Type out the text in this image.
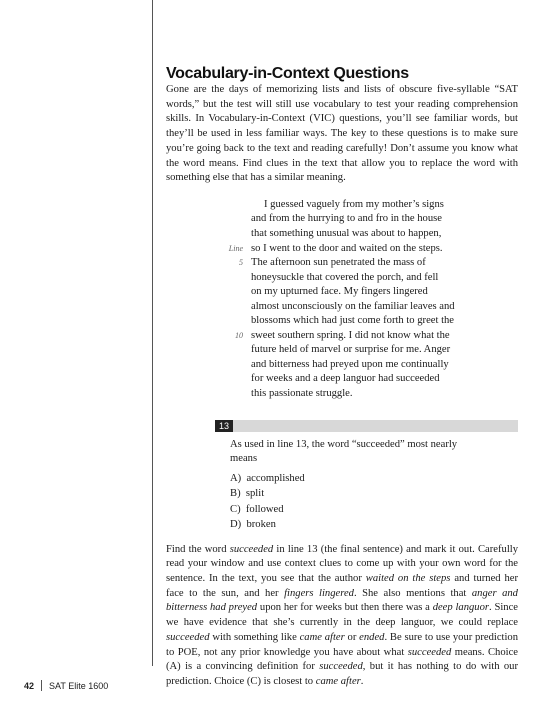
Vocabulary-in-Context Questions

Gone are the days of memorizing lists and lists of obscure five-syllable “SAT words,” but the test will still use vocabulary to test your reading comprehension skills. In Vocabulary-in-Context (VIC) questions, you’ll see familiar words, but they’ll be used in less familiar ways. The key to these questions is to make sure you’re going back to the text and reading carefully! Don’t assume you know what the word means. Find clues in the text that allow you to replace the word with something else that has a similar meaning.

Line
5
10
I guessed vaguely from my mother’s signs
and from the hurrying to and fro in the house
that something unusual was about to happen,
so I went to the door and waited on the steps.
The afternoon sun penetrated the mass of
honeysuckle that covered the porch, and fell
on my upturned face. My fingers lingered
almost unconsciously on the familiar leaves and
blossoms which had just come forth to greet the
sweet southern spring. I did not know what the
future held of marvel or surprise for me. Anger
and bitterness had preyed upon me continually
for weeks and a deep languor had succeeded
this passionate struggle.
13

As used in line 13, the word “succeeded” most nearly means

A) accomplished
B) split
C) followed
D) broken

Find the word succeeded in line 13 (the final sentence) and mark it out. Carefully read your window and use context clues to come up with your own word for the sentence. In the text, you see that the author waited on the steps and turned her face to the sun, and her fingers lingered. She also mentions that anger and bitterness had preyed upon her for weeks but then there was a deep languor. Since we have evidence that she’s currently in the deep languor, we could replace succeeded with something like came after or ended. Be sure to use your prediction to POE, not any prior knowledge you have about what succeeded means. Choice (A) is a convincing definition for succeeded, but it has nothing to do with our prediction. Choice (C) is closest to came after.

42 SAT Elite 1600
